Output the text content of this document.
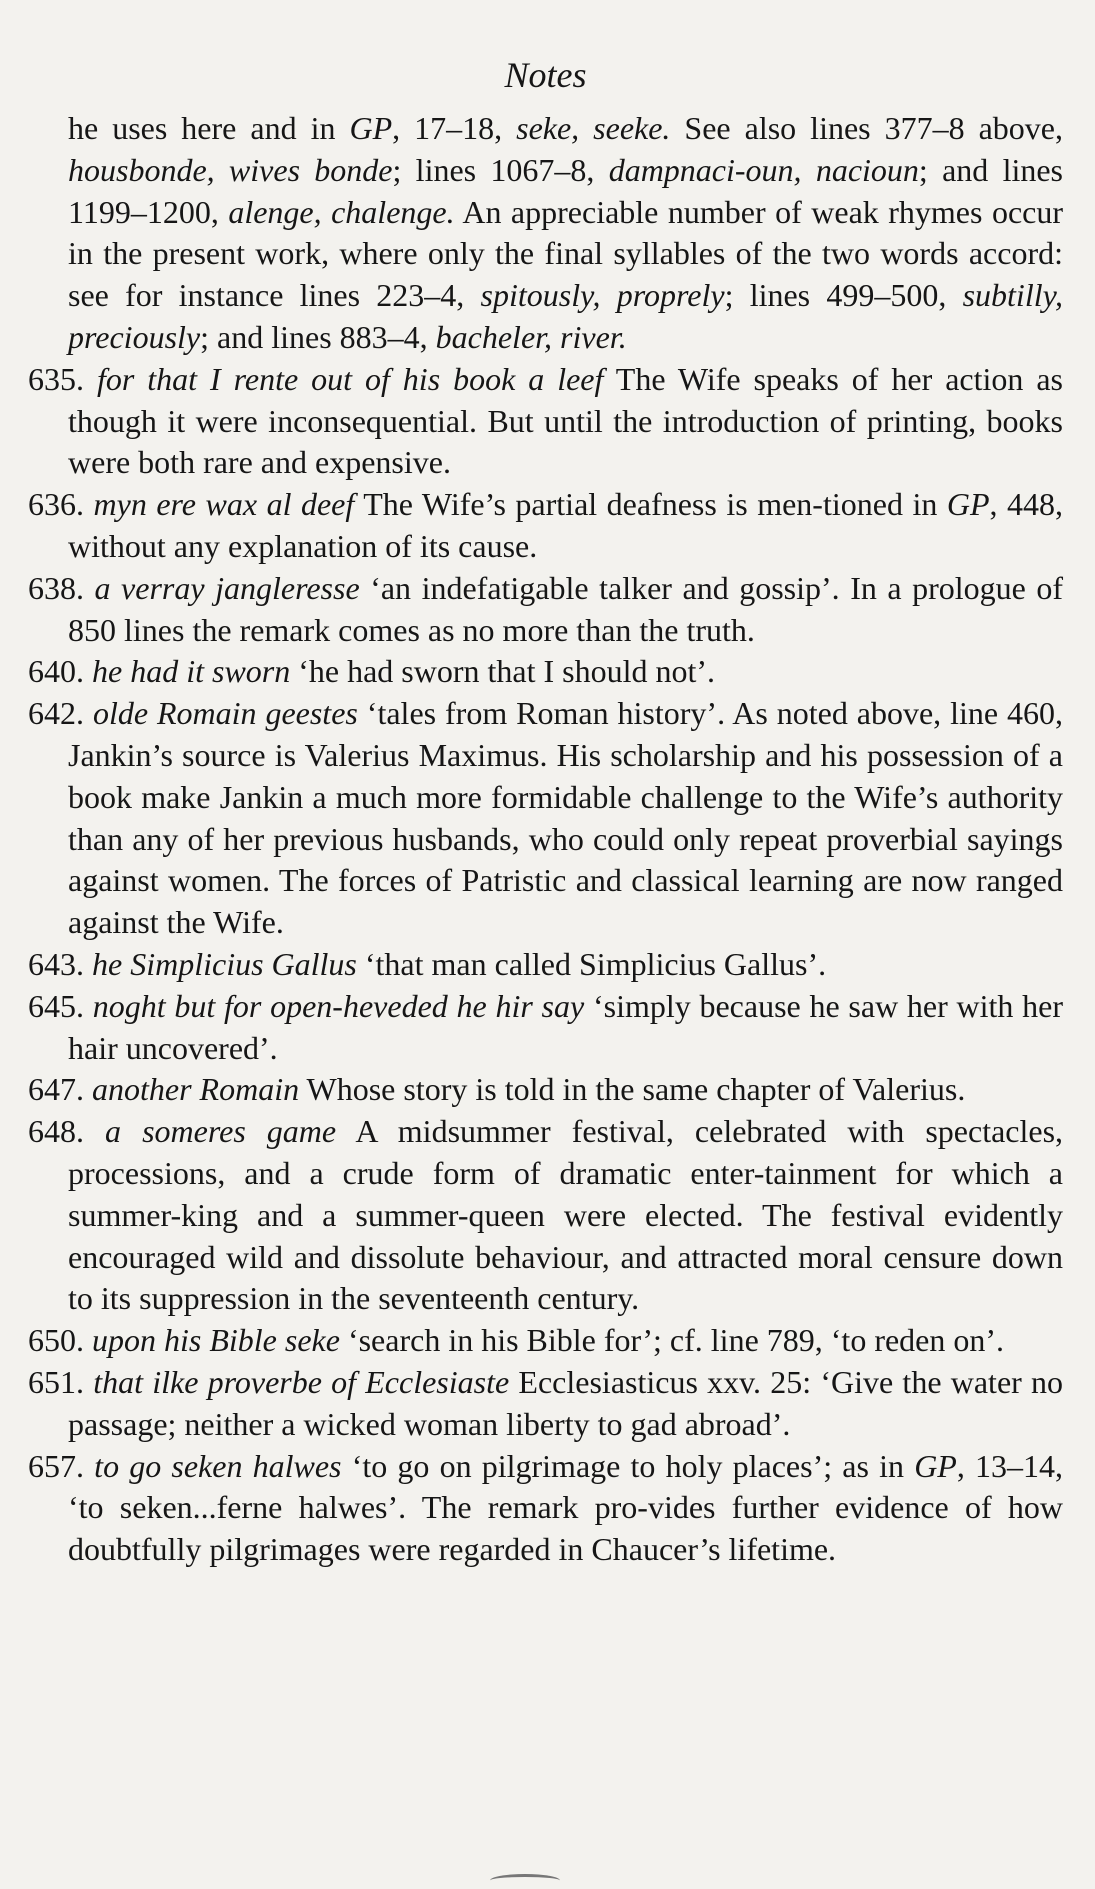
Notes

he uses here and in GP, 17–18, seke, seeke. See also lines 377–8 above, housbonde, wives bonde; lines 1067–8, dampnaci-oun, nacioun; and lines 1199–1200, alenge, chalenge. An appreciable number of weak rhymes occur in the present work, where only the final syllables of the two words accord: see for instance lines 223–4, spitously, proprely; lines 499–500, subtilly, preciously; and lines 883–4, bacheler, river.

635. for that I rente out of his book a leef The Wife speaks of her action as though it were inconsequential. But until the introduction of printing, books were both rare and expensive.

636. myn ere wax al deef The Wife’s partial deafness is men-tioned in GP, 448, without any explanation of its cause.

638. a verray jangleresse ‘an indefatigable talker and gossip’. In a prologue of 850 lines the remark comes as no more than the truth.

640. he had it sworn ‘he had sworn that I should not’.

642. olde Romain geestes ‘tales from Roman history’. As noted above, line 460, Jankin’s source is Valerius Maximus. His scholarship and his possession of a book make Jankin a much more formidable challenge to the Wife’s authority than any of her previous husbands, who could only repeat proverbial sayings against women. The forces of Patristic and classical learning are now ranged against the Wife.

643. he Simplicius Gallus ‘that man called Simplicius Gallus’.

645. noght but for open-heveded he hir say ‘simply because he saw her with her hair uncovered’.

647. another Romain Whose story is told in the same chapter of Valerius.

648. a someres game A midsummer festival, celebrated with spectacles, processions, and a crude form of dramatic enter-tainment for which a summer-king and a summer-queen were elected. The festival evidently encouraged wild and dissolute behaviour, and attracted moral censure down to its suppression in the seventeenth century.

650. upon his Bible seke ‘search in his Bible for’; cf. line 789, ‘to reden on’.

651. that ilke proverbe of Ecclesiaste Ecclesiasticus xxv. 25: ‘Give the water no passage; neither a wicked woman liberty to gad abroad’.

657. to go seken halwes ‘to go on pilgrimage to holy places’; as in GP, 13–14, ‘to seken...ferne halwes’. The remark pro-vides further evidence of how doubtfully pilgrimages were regarded in Chaucer’s lifetime.
